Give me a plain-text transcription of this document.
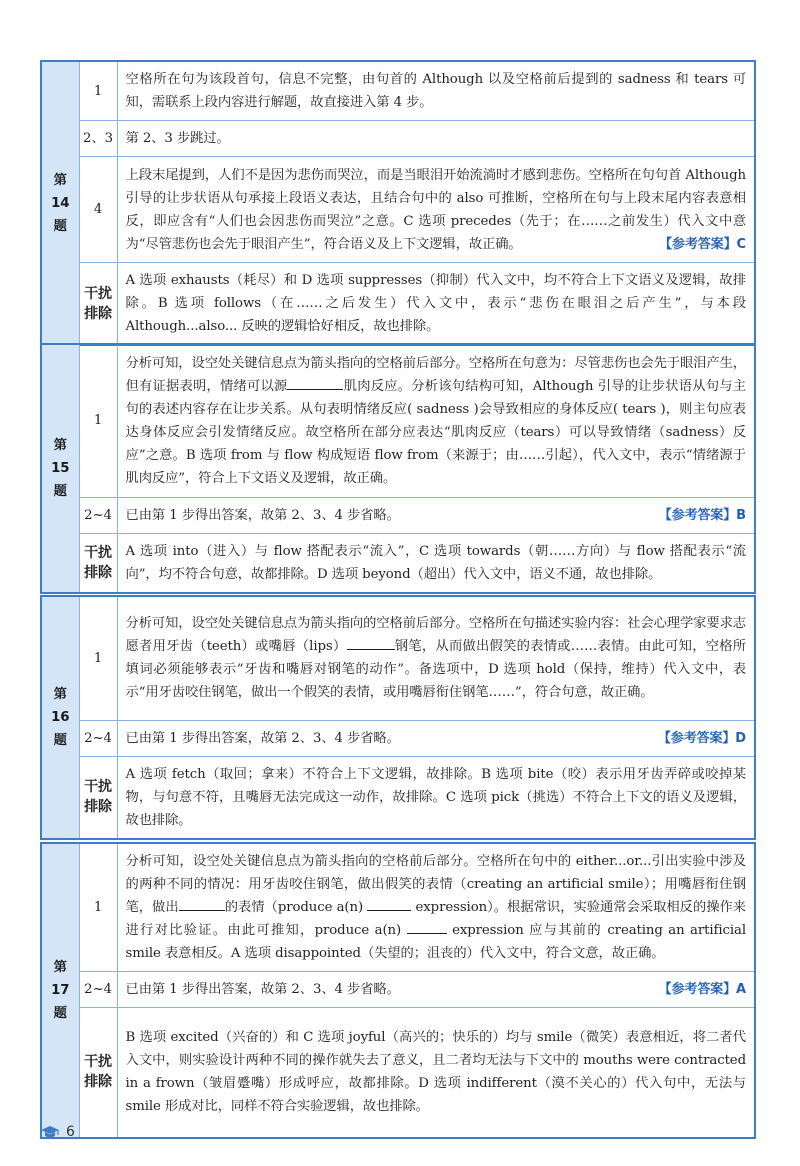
第14题	1	空格所在句为该段首句，信息不完整，由句首的 Although 以及空格前后提到的 sadness 和 tears 可知，需联系上段内容进行解题，故直接进入第 4 步。
	2、3	第 2、3 步跳过。
	4	上段末尾提到，人们不是因为悲伤而哭泣，而是当眼泪开始流淌时才感到悲伤。空格所在句句首 Although 引导的让步状语从句承接上段语义表达，且结合句中的 also 可推断，空格所在句与上段末尾内容表意相反，即应含有“人们也会因悲伤而哭泣”之意。C 选项 precedes（先于；在……之前发生）代入文中意为“尽管悲伤也会先于眼泪产生”，符合语义及上下文逻辑，故正确。 【参考答案】C

	干扰排除	A 选项 exhausts（耗尽）和 D 选项 suppresses（抑制）代入文中，均不符合上下文语义及逻辑，故排除。B 选项 follows（在……之后发生）代入文中，表示“悲伤在眼泪之后产生”，与本段 Although...also... 反映的逻辑恰好相反，故也排除。
第15题	1	分析可知，设空处关键信息点为箭头指向的空格前后部分。空格所在句意为：尽管悲伤也会先于眼泪产生，但有证据表明，情绪可以源 肌肉反应。分析该句结构可知，Although 引导的让步状语从句与主句的表述内容存在让步关系。从句表明情绪反应( sadness )会导致相应的身体反应( tears )，则主句应表达身体反应会引发情绪反应。故空格所在部分应表达“肌肉反应（tears）可以导致情绪（sadness）反应”之意。B 选项 from 与 flow 构成短语 flow from（来源于；由……引起），代入文中，表示“情绪源于肌肉反应”，符合上下文语义及逻辑，故正确。
	2~4	已由第 1 步得出答案，故第 2、3、4 步省略。 【参考答案】B

	干扰排除	A 选项 into（进入）与 flow 搭配表示“流入”，C 选项 towards（朝……方向）与 flow 搭配表示“流向”，均不符合句意，故都排除。D 选项 beyond（超出）代入文中，语义不通，故也排除。
第16题	1	分析可知，设空处关键信息点为箭头指向的空格前后部分。空格所在句描述实验内容：社会心理学家要求志愿者用牙齿（teeth）或嘴唇（lips） 钢笔，从而做出假笑的表情或……表情。由此可知，空格所填词必须能够表示“牙齿和嘴唇对钢笔的动作”。备选项中，D 选项 hold（保持，维持）代入文中，表示“用牙齿咬住钢笔，做出一个假笑的表情，或用嘴唇衔住钢笔……”，符合句意，故正确。
	2~4	已由第 1 步得出答案，故第 2、3、4 步省略。 【参考答案】D

	干扰排除	A 选项 fetch（取回；拿来）不符合上下文逻辑，故排除。B 选项 bite（咬）表示用牙齿弄碎或咬掉某物，与句意不符，且嘴唇无法完成这一动作，故排除。C 选项 pick（挑选）不符合上下文的语义及逻辑，故也排除。
第17题	1	分析可知，设空处关键信息点为箭头指向的空格前后部分。空格所在句中的 either...or...引出实验中涉及的两种不同的情况：用牙齿咬住钢笔，做出假笑的表情（creating an artificial smile）；用嘴唇衔住钢笔，做出 的表情（produce a(n) expression）。根据常识，实验通常会采取相反的操作来进行对比验证。由此可推知，produce a(n) expression 应与其前的 creating an artificial smile 表意相反。A 选项 disappointed（失望的；沮丧的）代入文中，符合文意，故正确。
	2~4	已由第 1 步得出答案，故第 2、3、4 步省略。 【参考答案】A

	干扰排除	B 选项 excited（兴奋的）和 C 选项 joyful（高兴的；快乐的）均与 smile（微笑）表意相近，将二者代入文中，则实验设计两种不同的操作就失去了意义，且二者均无法与下文中的 mouths were contracted in a frown（皱眉蹙嘴）形成呼应，故都排除。D 选项 indifferent（漠不关心的）代入句中，无法与 smile 形成对比，同样不符合实验逻辑，故也排除。
6
